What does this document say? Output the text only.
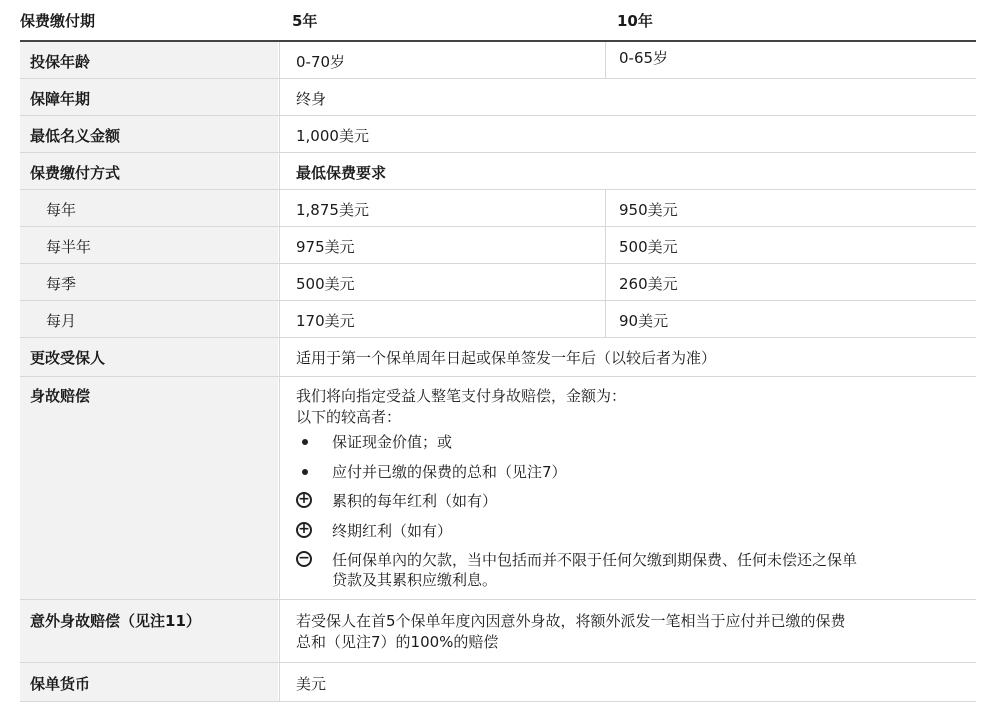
保费缴付期	5年	10年
投保年龄	0-70岁	0-65岁
保障年期	终身
最低名义金额	1,000美元
保费缴付方式	最低保费要求
每年	1,875美元	950美元
每半年	975美元	500美元
每季	500美元	260美元
每月	170美元	90美元
更改受保人	适用于第一个保单周年日起或保单签发一年后（以较后者为准）
身故赔偿	我们将向指定受益人整笔支付身故赔偿，金额为：
以下的较高者：
保证现金价值；或
应付并已缴的保费的总和（见注7）
+ 累积的每年红利（如有）
+ 终期红利（如有）
− 任何保单內的欠款，当中包括而并不限于任何欠缴到期保费、任何未偿还之保单
贷款及其累积应缴利息。
意外身故赔偿（见注11）	若受保人在首5个保单年度內因意外身故，将额外派发一笔相当于应付并已缴的保费
总和（见注7）的100%的赔偿
保单货币	美元
